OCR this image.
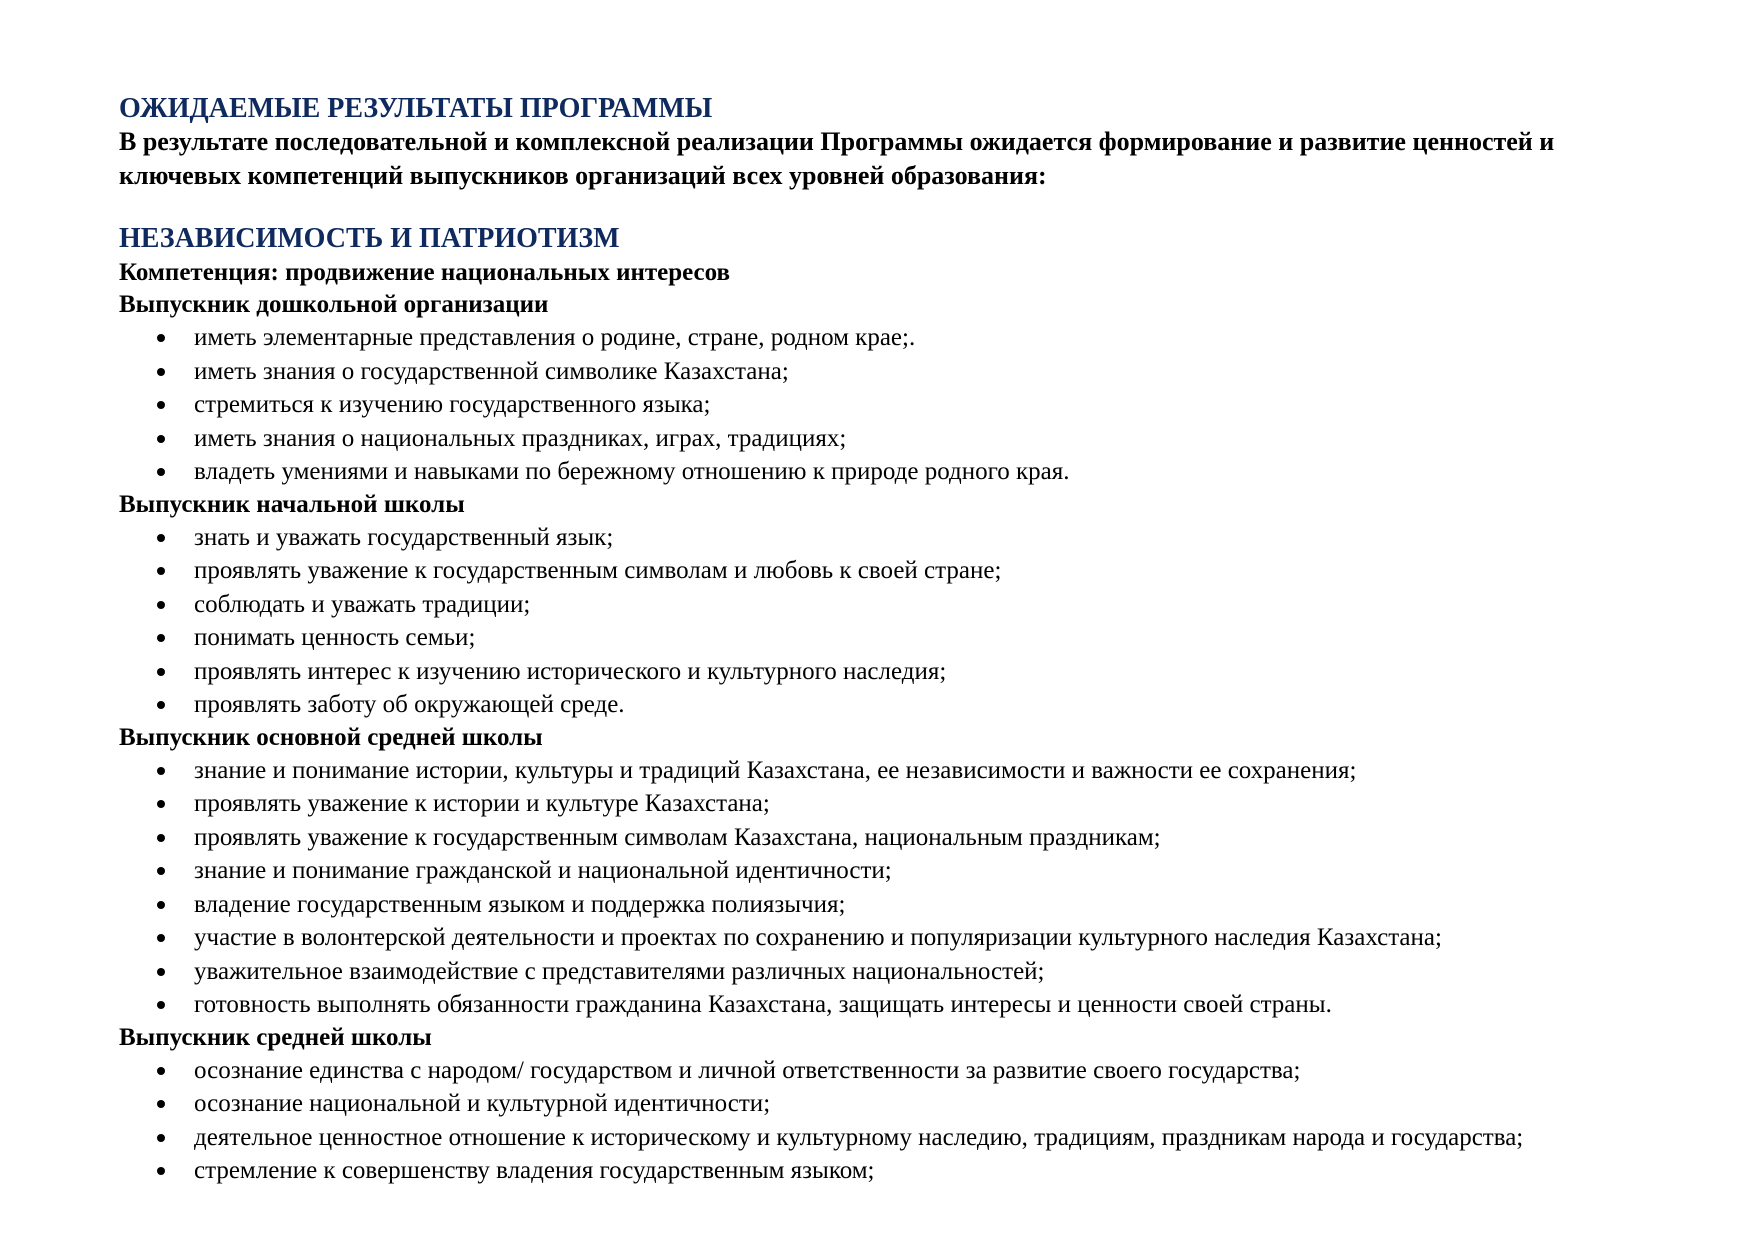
ОЖИДАЕМЫЕ РЕЗУЛЬТАТЫ ПРОГРАММЫ

В результате последовательной и комплексной реализации Программы ожидается формирование и развитие ценностей и ключевых компетенций выпускников организаций всех уровней образования:

НЕЗАВИСИМОСТЬ И ПАТРИОТИЗМ

Компетенция: продвижение национальных интересов

Выпускник дошкольной организации

иметь элементарные представления о родине, стране, родном крае;.
иметь знания о государственной символике Казахстана;
стремиться к изучению государственного языка;
иметь знания о национальных праздниках, играх, традициях;
владеть умениями и навыками по бережному отношению к природе родного края.

Выпускник начальной школы

знать и уважать государственный язык;
проявлять уважение к государственным символам и любовь к своей стране;
соблюдать и уважать традиции;
понимать ценность семьи;
проявлять интерес к изучению исторического и культурного наследия;
проявлять заботу об окружающей среде.

Выпускник основной средней школы

знание и понимание истории, культуры и традиций Казахстана, ее независимости и важности ее сохранения;
проявлять уважение к истории и культуре Казахстана;
проявлять уважение к государственным символам Казахстана, национальным праздникам;
знание и понимание гражданской и национальной идентичности;
владение государственным языком и поддержка полиязычия;
участие в волонтерской деятельности и проектах по сохранению и популяризации культурного наследия Казахстана;
уважительное взаимодействие с представителями различных национальностей;
готовность выполнять обязанности гражданина Казахстана, защищать интересы и ценности своей страны.

Выпускник средней школы

осознание единства с народом/ государством и личной ответственности за развитие своего государства;
осознание национальной и культурной идентичности;
деятельное ценностное отношение к историческому и культурному наследию, традициям, праздникам народа и государства;
стремление к совершенству владения государственным языком;
